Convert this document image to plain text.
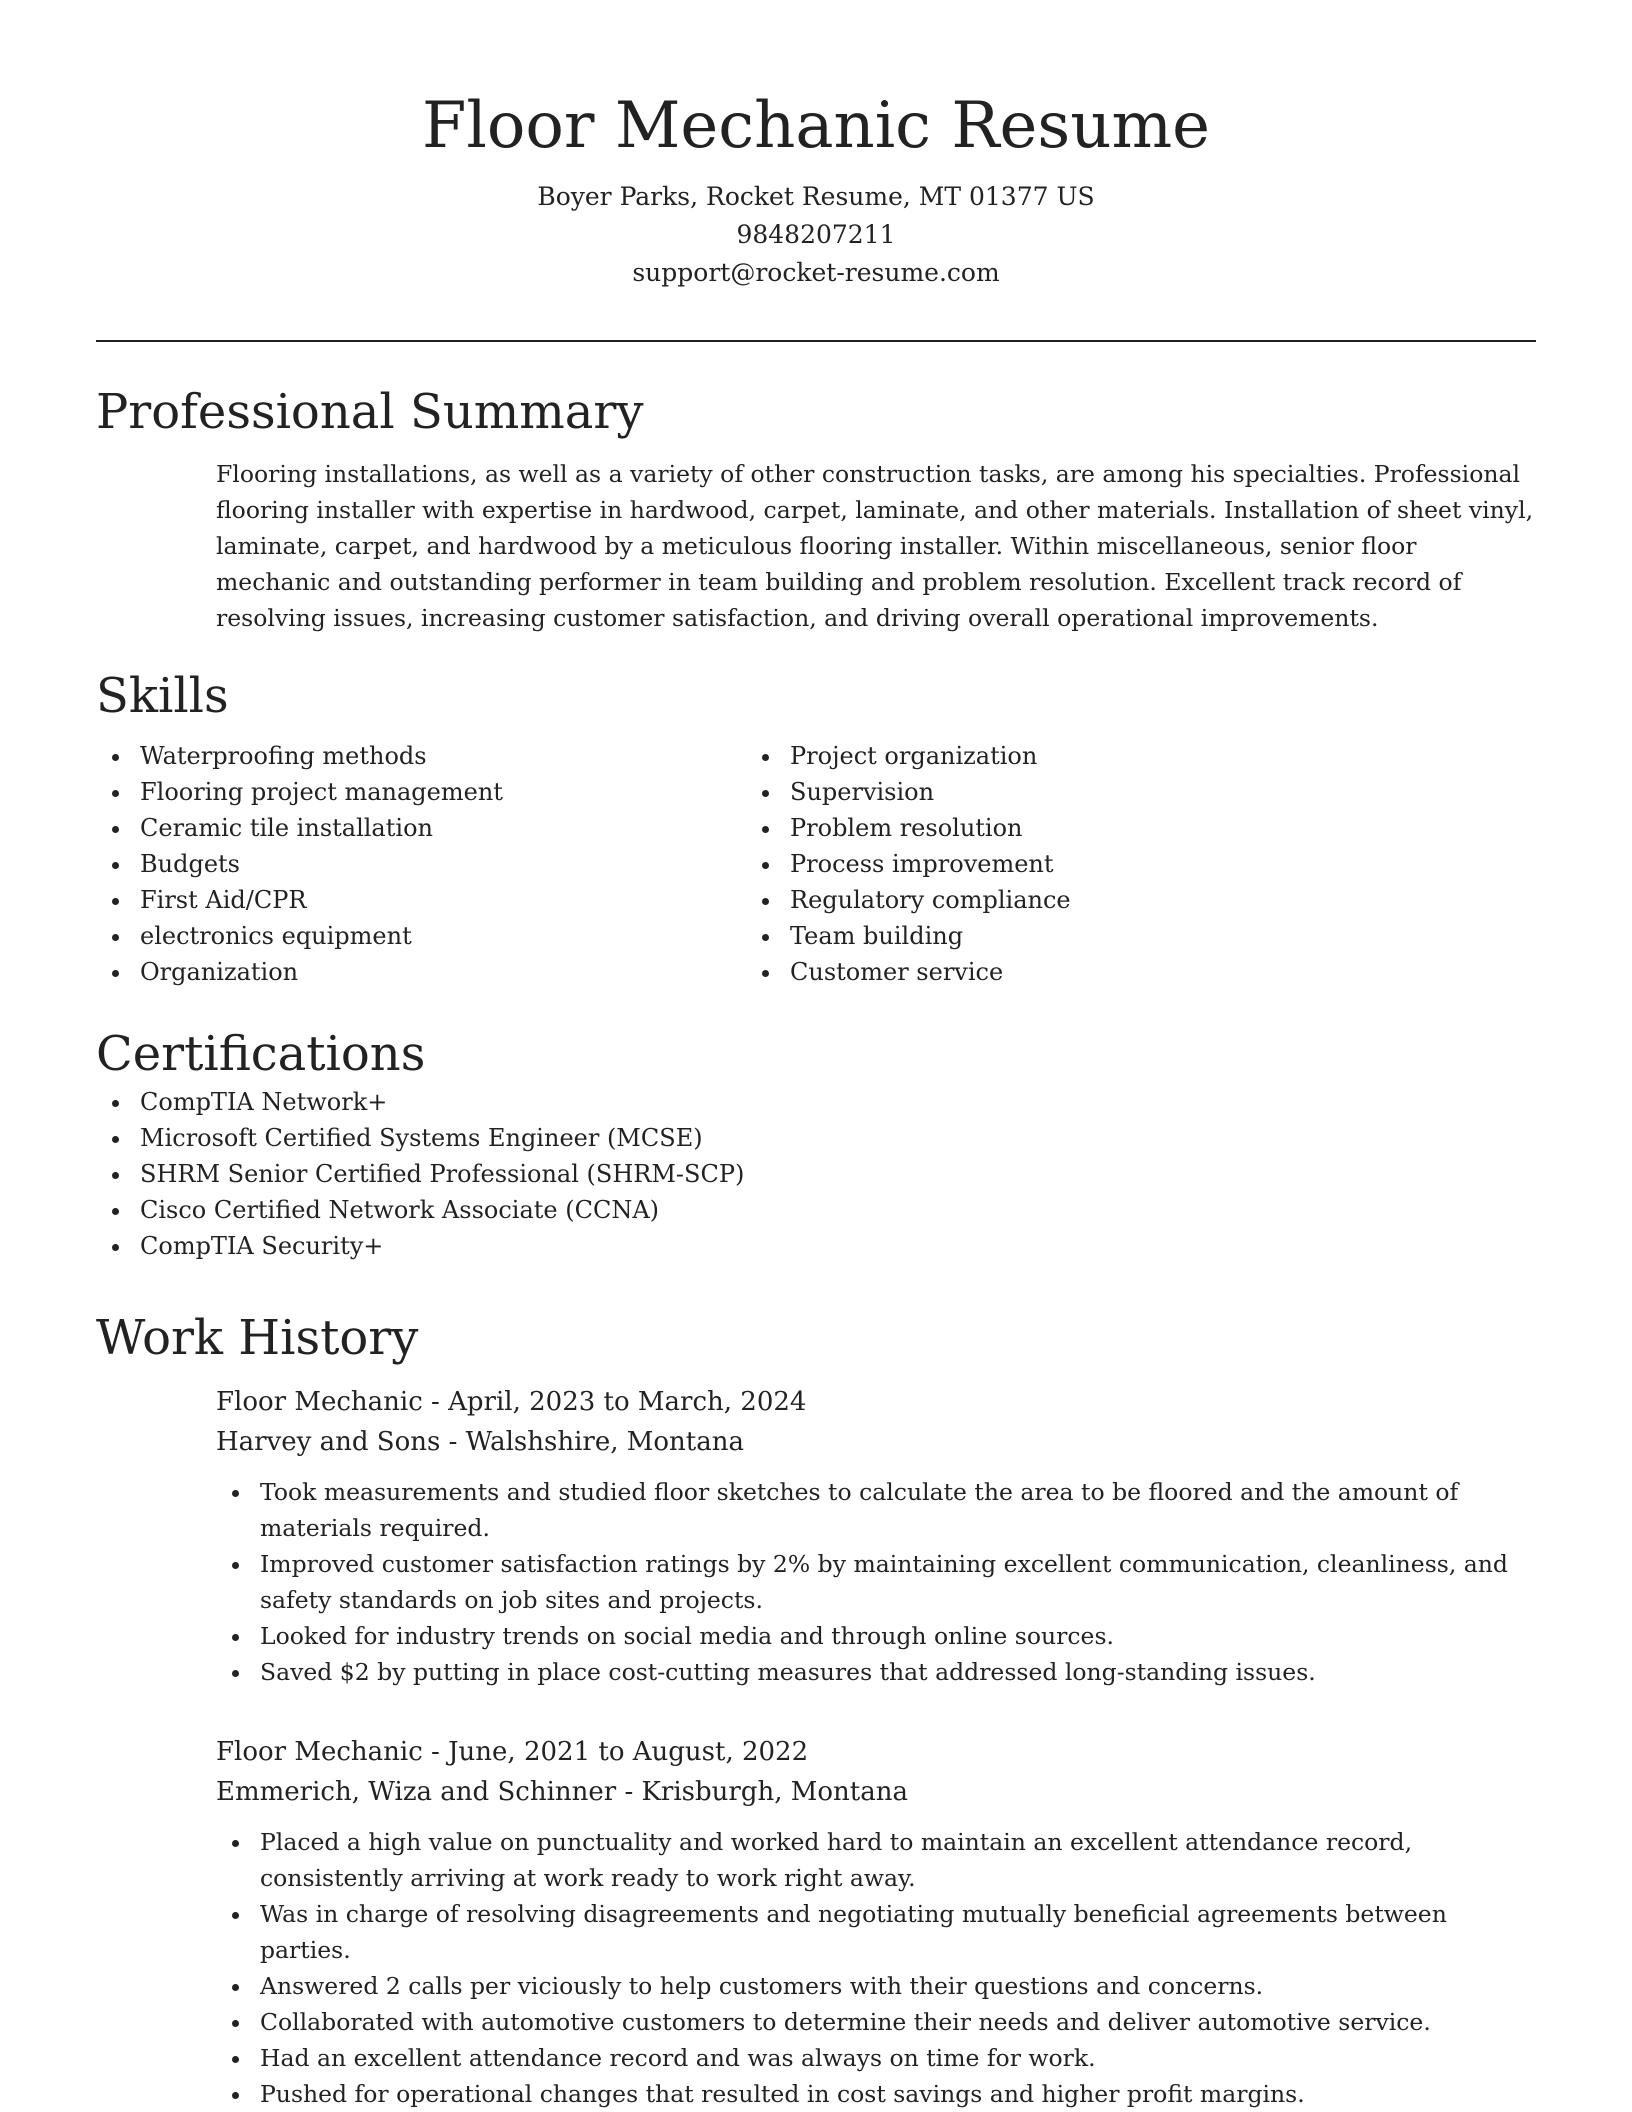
Floor Mechanic Resume
Boyer Parks, Rocket Resume, MT 01377 US
9848207211
support@rocket-resume.com
Professional Summary
Flooring installations, as well as a variety of other construction tasks, are among his specialties. Professional flooring installer with expertise in hardwood, carpet, laminate, and other materials. Installation of sheet vinyl, laminate, carpet, and hardwood by a meticulous flooring installer. Within miscellaneous, senior floor mechanic and outstanding performer in team building and problem resolution. Excellent track record of resolving issues, increasing customer satisfaction, and driving overall operational improvements.
Skills
Waterproofing methods
Flooring project management
Ceramic tile installation
Budgets
First Aid/CPR
electronics equipment
Organization
Project organization
Supervision
Problem resolution
Process improvement
Regulatory compliance
Team building
Customer service
Certifications
CompTIA Network+
Microsoft Certified Systems Engineer (MCSE)
SHRM Senior Certified Professional (SHRM-SCP)
Cisco Certified Network Associate (CCNA)
CompTIA Security+
Work History
Floor Mechanic - April, 2023 to March, 2024
Harvey and Sons - Walshshire, Montana
Took measurements and studied floor sketches to calculate the area to be floored and the amount of materials required.
Improved customer satisfaction ratings by 2% by maintaining excellent communication, cleanliness, and safety standards on job sites and projects.
Looked for industry trends on social media and through online sources.
Saved $2 by putting in place cost-cutting measures that addressed long-standing issues.
Floor Mechanic - June, 2021 to August, 2022
Emmerich, Wiza and Schinner - Krisburgh, Montana
Placed a high value on punctuality and worked hard to maintain an excellent attendance record, consistently arriving at work ready to work right away.
Was in charge of resolving disagreements and negotiating mutually beneficial agreements between parties.
Answered 2 calls per viciously to help customers with their questions and concerns.
Collaborated with automotive customers to determine their needs and deliver automotive service.
Had an excellent attendance record and was always on time for work.
Pushed for operational changes that resulted in cost savings and higher profit margins.
